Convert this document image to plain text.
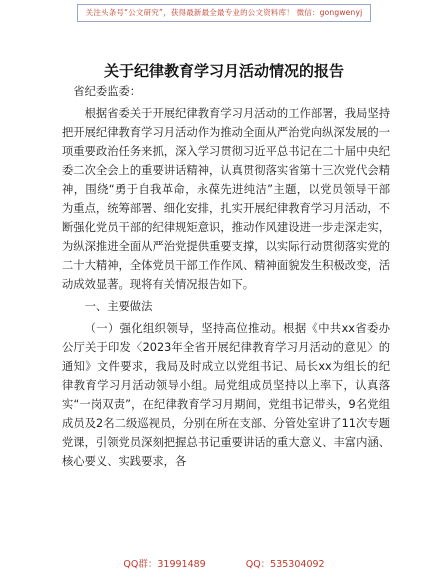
关注头条号“公文研究”，获得最新最全最专业的公文资料库！ 微信：gongwenyj
关于纪律教育学习月活动情况的报告

省纪委监委：

根据省委关于开展纪律教育学习月活动的工作部署，我局坚持把开展纪律教育学习月活动作为推动全面从严治党向纵深发展的一项重要政治任务来抓，深入学习贯彻习近平总书记在二十届中央纪委二次全会上的重要讲话精神，认真贯彻落实省第十三次党代会精神，围绕“勇于自我革命，永葆先进纯洁”主题，以党员领导干部为重点，统筹部署、细化安排，扎实开展纪律教育学习月活动，不断强化党员干部的纪律规矩意识，推动作风建设进一步走深走实，为纵深推进全面从严治党提供重要支撑，以实际行动贯彻落实党的二十大精神，全体党员干部工作作风、精神面貌发生积极改变，活动成效显著。现将有关情况报告如下。

一、主要做法

（一）强化组织领导，坚持高位推动。根据《中共xx省委办公厅关于印发〈2023年全省开展纪律教育学习月活动的意见〉的通知》文件要求，我局及时成立以党组书记、局长xx为组长的纪律教育学习月活动领导小组。局党组成员坚持以上率下，认真落实“一岗双责”，在纪律教育学习月期间，党组书记带头，9名党组成员及2名二级巡视员，分别在所在支部、分管处室讲了11次专题党课，引领党员深刻把握总书记重要讲话的重大意义、丰富内涵、核心要义、实践要求，各

QQ群：31991489	QQ：535304092
